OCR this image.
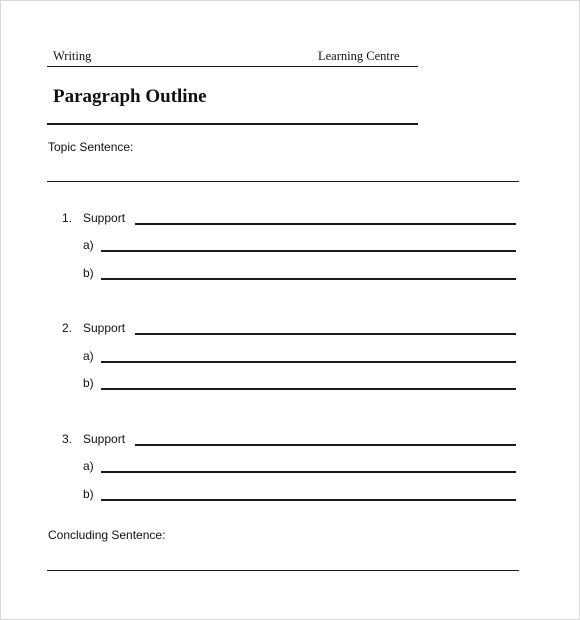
Writing	Learning Centre
Paragraph Outline
Topic Sentence:
1. Support
a)
b)
2. Support
a)
b)
3. Support
a)
b)
Concluding Sentence:
